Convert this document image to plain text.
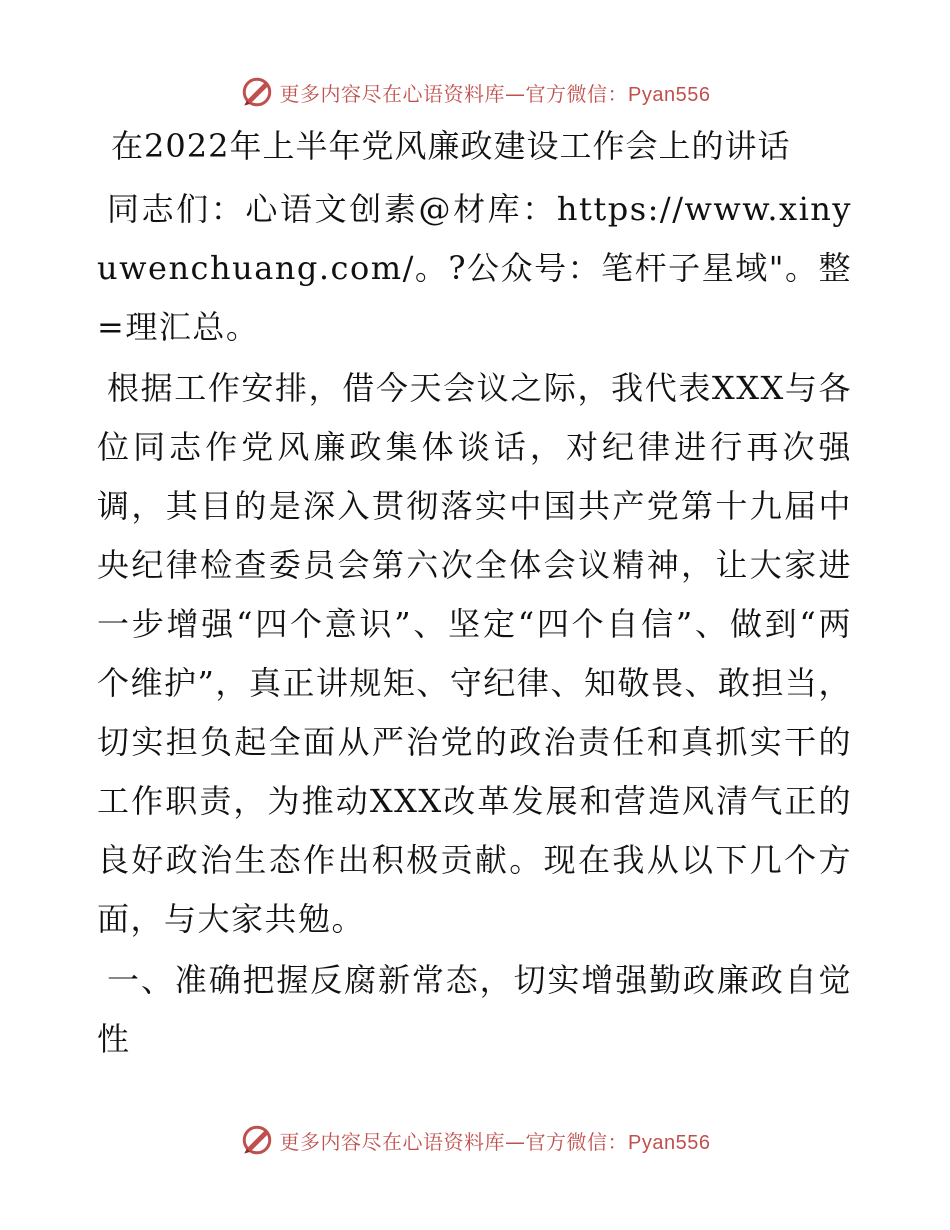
更多内容尽在心语资料库—官方微信：Pyan556
在2022年上半年党风廉政建设工作会上的讲话

同志们：心语文创素@材库：https://www.xinyuwenchuang.com/。?公众号：笔杆子星域"。整=理汇总。

根据工作安排，借今天会议之际，我代表XXX与各位同志作党风廉政集体谈话，对纪律进行再次强调，其目的是深入贯彻落实中国共产党第十九届中央纪律检查委员会第六次全体会议精神，让大家进一步增强“四个意识”、坚定“四个自信”、做到“两个维护”，真正讲规矩、守纪律、知敬畏、敢担当，切实担负起全面从严治党的政治责任和真抓实干的工作职责，为推动XXX改革发展和营造风清气正的良好政治生态作出积极贡献。现在我从以下几个方面，与大家共勉。

一、准确把握反腐新常态，切实增强勤政廉政自觉性

更多内容尽在心语资料库—官方微信：Pyan556
